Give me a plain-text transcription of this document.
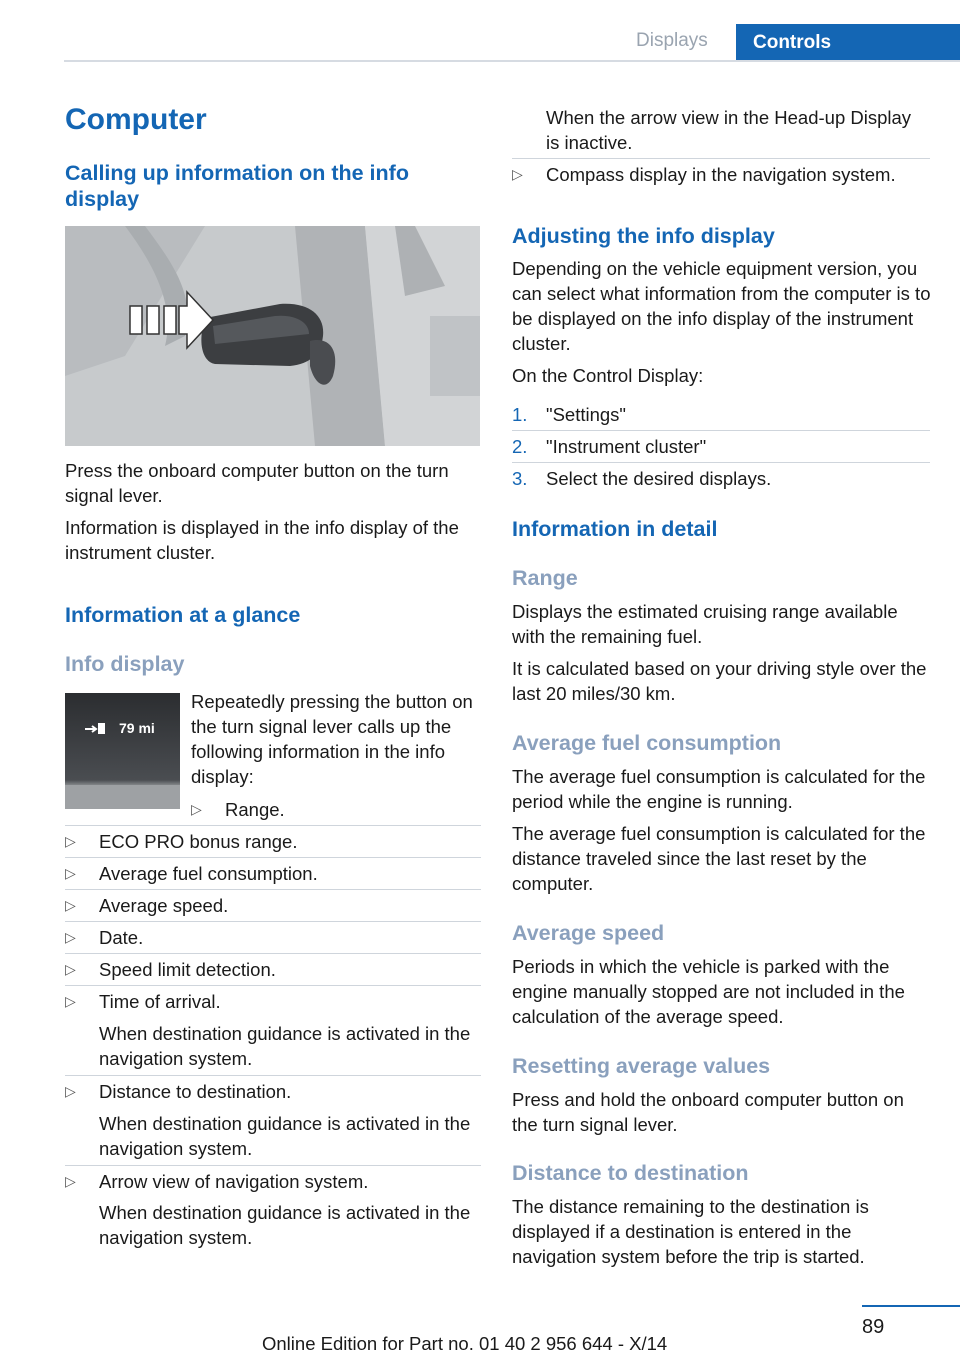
Displays	Controls
Computer
Calling up information on the info display
Press the onboard computer button on the turn signal lever.
Information is displayed in the info display of the instrument cluster.
Information at a glance
Info display
79 mi
Repeatedly pressing the button on the turn signal lever calls up the following information in the info display:
▷ Range.
▷ ECO PRO bonus range.
▷ Average fuel consumption.
▷ Average speed.
▷ Date.
▷ Speed limit detection.
▷ Time of arrival.
When destination guidance is activated in the navigation system.
▷ Distance to destination.
When destination guidance is activated in the navigation system.
▷ Arrow view of navigation system.
When destination guidance is activated in the navigation system.
When the arrow view in the Head-up Display is inactive.
▷ Compass display in the navigation system.
Adjusting the info display
Depending on the vehicle equipment version, you can select what information from the computer is to be displayed on the info display of the instrument cluster.
On the Control Display:
1. "Settings"
2. "Instrument cluster"
3. Select the desired displays.
Information in detail
Range
Displays the estimated cruising range available with the remaining fuel.
It is calculated based on your driving style over the last 20 miles/30 km.
Average fuel consumption
The average fuel consumption is calculated for the period while the engine is running.
The average fuel consumption is calculated for the distance traveled since the last reset by the computer.
Average speed
Periods in which the vehicle is parked with the engine manually stopped are not included in the calculation of the average speed.
Resetting average values
Press and hold the onboard computer button on the turn signal lever.
Distance to destination
The distance remaining to the destination is displayed if a destination is entered in the navigation system before the trip is started.
89
Online Edition for Part no. 01 40 2 956 644 - X/14
